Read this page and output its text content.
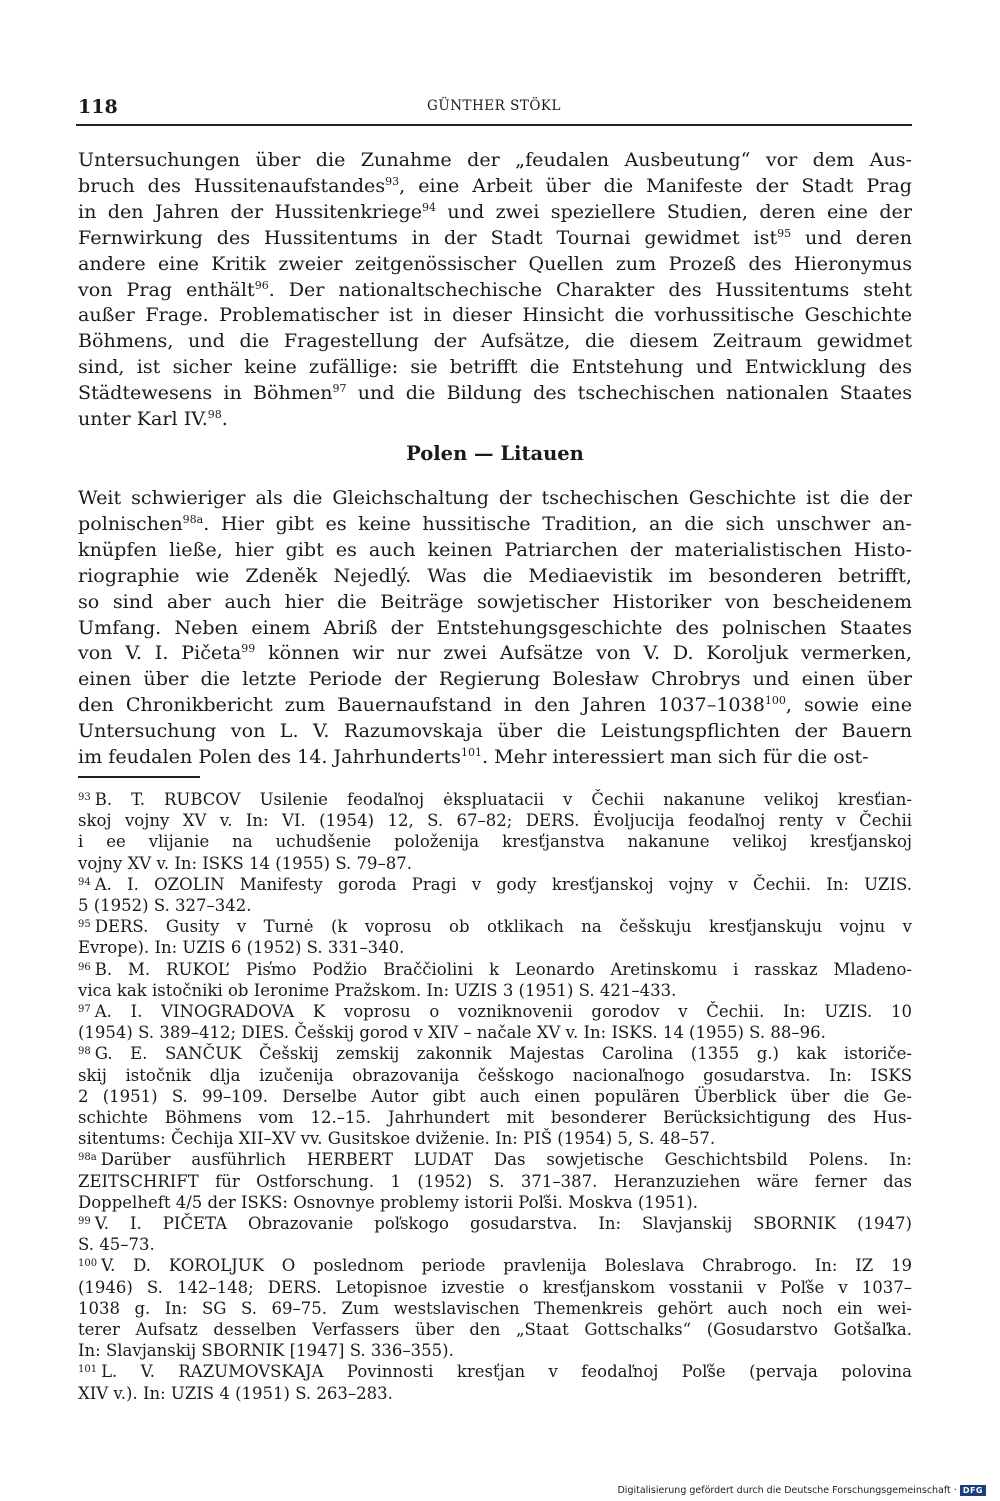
118	GÜNTHER STÖKL
Untersuchungen über die Zunahme der „feudalen Ausbeutung“ vor dem Aus-
bruch des Hussitenaufstandes$^{93}$, eine Arbeit über die Manifeste der Stadt Prag
in den Jahren der Hussitenkriege$^{94}$ und zwei speziellere Studien, deren eine der
Fernwirkung des Hussitentums in der Stadt Tournai gewidmet ist$^{95}$ und deren
andere eine Kritik zweier zeitgenössischer Quellen zum Prozeß des Hieronymus
von Prag enthält$^{96}$. Der nationaltschechische Charakter des Hussitentums steht
außer Frage. Problematischer ist in dieser Hinsicht die vorhussitische Geschichte
Böhmens, und die Fragestellung der Aufsätze, die diesem Zeitraum gewidmet
sind, ist sicher keine zufällige: sie betrifft die Entstehung und Entwicklung des
Städtewesens in Böhmen$^{97}$ und die Bildung des tschechischen nationalen Staates
unter Karl IV.$^{98}$.
Polen — Litauen
Weit schwieriger als die Gleichschaltung der tschechischen Geschichte ist die der
polnischen$^{98a}$. Hier gibt es keine hussitische Tradition, an die sich unschwer an-
knüpfen ließe, hier gibt es auch keinen Patriarchen der materialistischen Histo-
riographie wie Zdeněk Nejedlý. Was die Mediaevistik im besonderen betrifft,
so sind aber auch hier die Beiträge sowjetischer Historiker von bescheidenem
Umfang. Neben einem Abriß der Entstehungsgeschichte des polnischen Staates
von V. I. Pičeta$^{99}$ können wir nur zwei Aufsätze von V. D. Koroljuk vermerken,
einen über die letzte Periode der Regierung Bolesław Chrobrys und einen über
den Chronikbericht zum Bauernaufstand in den Jahren 1037–1038$^{100}$, sowie eine
Untersuchung von L. V. Razumovskaja über die Leistungspflichten der Bauern
im feudalen Polen des 14. Jahrhunderts$^{101}$. Mehr interessiert man sich für die ost-
$^{93}$ B. T. RUBCOV Usilenie feodaľnoj ėkspluatacii v Čechii nakanune velikoj kresťian-
skoj vojny XV v. In: VI. (1954) 12, S. 67–82; DERS. Ėvoljucija feodaľnoj renty v Čechii
i ee vlijanie na uchudšenie položenija kresťjanstva nakanune velikoj kresťjanskoj
vojny XV v. In: ISKS 14 (1955) S. 79–87.
$^{94}$ A. I. OZOLIN Manifesty goroda Pragi v gody kresťjanskoj vojny v Čechii. In: UZIS.
5 (1952) S. 327–342.
$^{95}$ DERS. Gusity v Turnė (k voprosu ob otklikach na češskuju kresťjanskuju vojnu v
Evrope). In: UZIS 6 (1952) S. 331–340.
$^{96}$ B. M. RUKOL’ Pis̕mo Podžio Braččiolini k Leonardo Aretinskomu i rasskaz Mladeno-
vica kak istočniki ob Ieronime Pražskom. In: UZIS 3 (1951) S. 421–433.
$^{97}$ A. I. VINOGRADOVA K voprosu o vozniknovenii gorodov v Čechii. In: UZIS. 10
(1954) S. 389–412; DIES. Češskij gorod v XIV – načale XV v. In: ISKS. 14 (1955) S. 88–96.
$^{98}$ G. E. SANČUK Češskij zemskij zakonnik Majestas Carolina (1355 g.) kak istoriče-
skij istočnik dlja izučenija obrazovanija češskogo nacionaľnogo gosudarstva. In: ISKS
2 (1951) S. 99–109. Derselbe Autor gibt auch einen populären Überblick über die Ge-
schichte Böhmens vom 12.–15. Jahrhundert mit besonderer Berücksichtigung des Hus-
sitentums: Čechija XII–XV vv. Gusitskoe dviženie. In: PIŠ (1954) 5, S. 48–57.
$^{98a}$ Darüber ausführlich HERBERT LUDAT Das sowjetische Geschichtsbild Polens. In:
ZEITSCHRIFT für Ostforschung. 1 (1952) S. 371–387. Heranzuziehen wäre ferner das
Doppelheft 4/5 der ISKS: Osnovnye problemy istorii Poľši. Moskva (1951).
$^{99}$ V. I. PIČETA Obrazovanie poľskogo gosudarstva. In: Slavjanskij SBORNIK (1947)
S. 45–73.
$^{100}$ V. D. KOROLJUK O poslednom periode pravlenija Boleslava Chrabrogo. In: IZ 19
(1946) S. 142–148; DERS. Letopisnoe izvestie o kresťjanskom vosstanii v Poľše v 1037–
1038 g. In: SG S. 69–75. Zum westslavischen Themenkreis gehört auch noch ein wei-
terer Aufsatz desselben Verfassers über den „Staat Gottschalks“ (Gosudarstvo Gotšaľka.
In: Slavjanskij SBORNIK [1947] S. 336–355).
$^{101}$ L. V. RAZUMOVSKAJA Povinnosti kresťjan v feodaľnoj Poľše (pervaja polovina
XIV v.). In: UZIS 4 (1951) S. 263–283.
Digitalisierung gefördert durch die Deutsche Forschungsgemeinschaft · DFG
